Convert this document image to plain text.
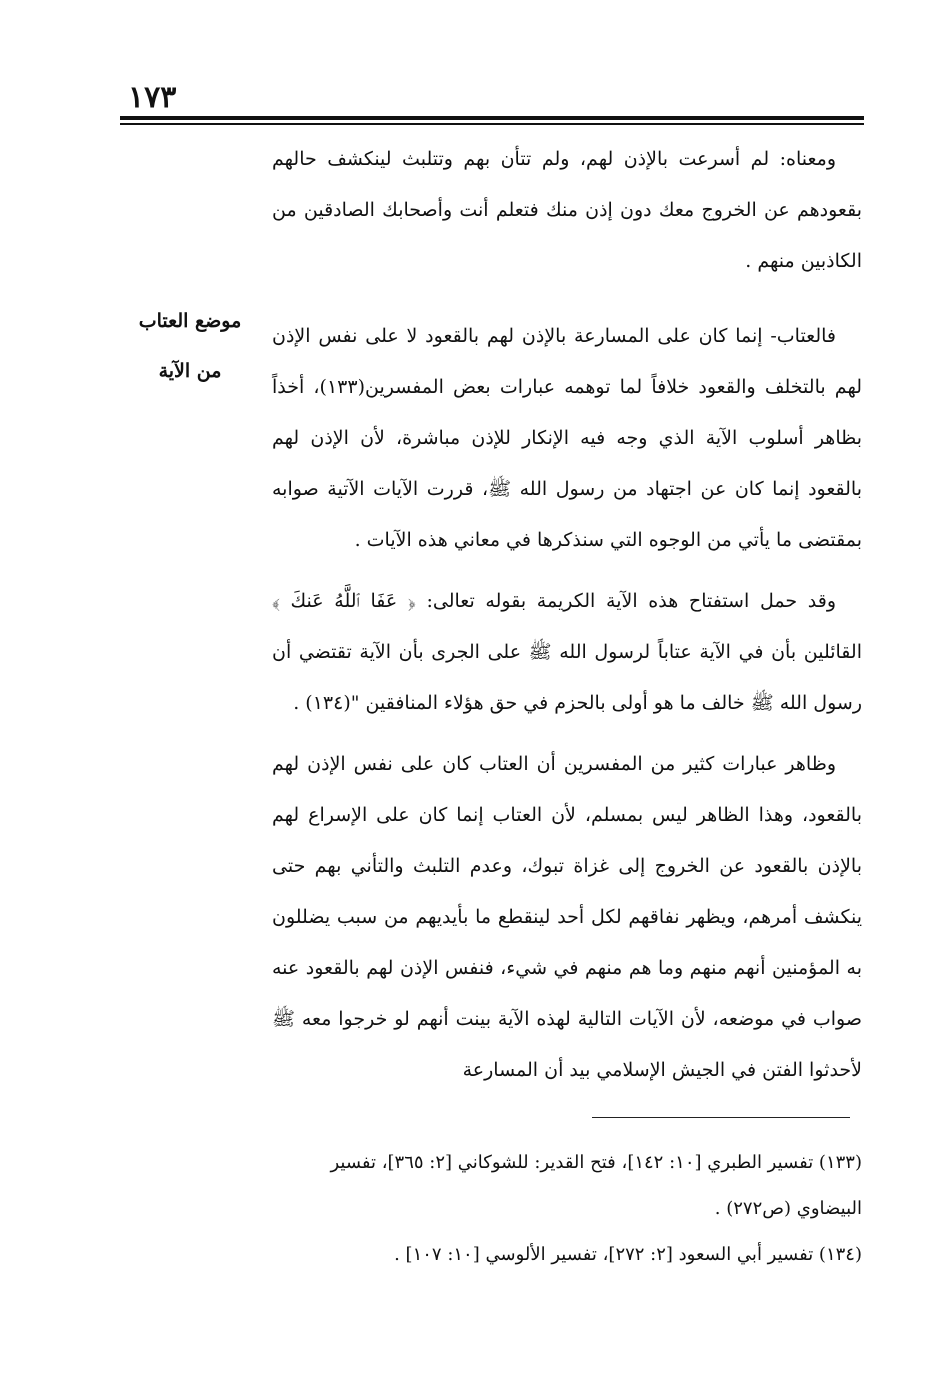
١٧٣
موضع العتاب
من الآية

ومعناه: لم أسرعت بالإذن لهم، ولم تتأن بهم وتتلبث لينكشف حالهم بقعودهم عن الخروج معك دون إذن منك فتعلم أنت وأصحابك الصادقين من الكاذبين منهم .

فالعتاب- إنما كان على المسارعة بالإذن لهم بالقعود لا على نفس الإذن لهم بالتخلف والقعود خلافاً لما توهمه عبارات بعض المفسرين(١٣٣)، أخذاً بظاهر أسلوب الآية الذي وجه فيه الإنكار للإذن مباشرة، لأن الإذن لهم بالقعود إنما كان عن اجتهاد من رسول الله ﷺ، قررت الآيات الآتية صوابه بمقتضى ما يأتي من الوجوه التي سنذكرها في معاني هذه الآيات .

وقد حمل استفتاح هذه الآية الكريمة بقوله تعالى: ﴿ عَفَا ٱللَّهُ عَنكَ ﴾ القائلين بأن في الآية عتاباً لرسول الله ﷺ على الجرى بأن الآية تقتضي أن رسول الله ﷺ خالف ما هو أولى بالحزم في حق هؤلاء المنافقين "(١٣٤) .

وظاهر عبارات كثير من المفسرين أن العتاب كان على نفس الإذن لهم بالقعود، وهذا الظاهر ليس بمسلم، لأن العتاب إنما كان على الإسراع لهم بالإذن بالقعود عن الخروج إلى غزاة تبوك، وعدم التلبث والتأني بهم حتى ينكشف أمرهم، ويظهر نفاقهم لكل أحد لينقطع ما بأيديهم من سبب يضللون به المؤمنين أنهم منهم وما هم منهم في شيء، فنفس الإذن لهم بالقعود عنه صواب في موضعه، لأن الآيات التالية لهذه الآية بينت أنهم لو خرجوا معه ﷺ لأحدثوا الفتن في الجيش الإسلامي بيد أن المسارعة

(١٣٣) تفسير الطبري [١٠: ١٤٢]، فتح القدير: للشوكاني [٢: ٣٦٥]، تفسير البيضاوي (ص٢٧٢) .

(١٣٤) تفسير أبي السعود [٢: ٢٧٢]، تفسير الألوسي [١٠: ١٠٧] .
